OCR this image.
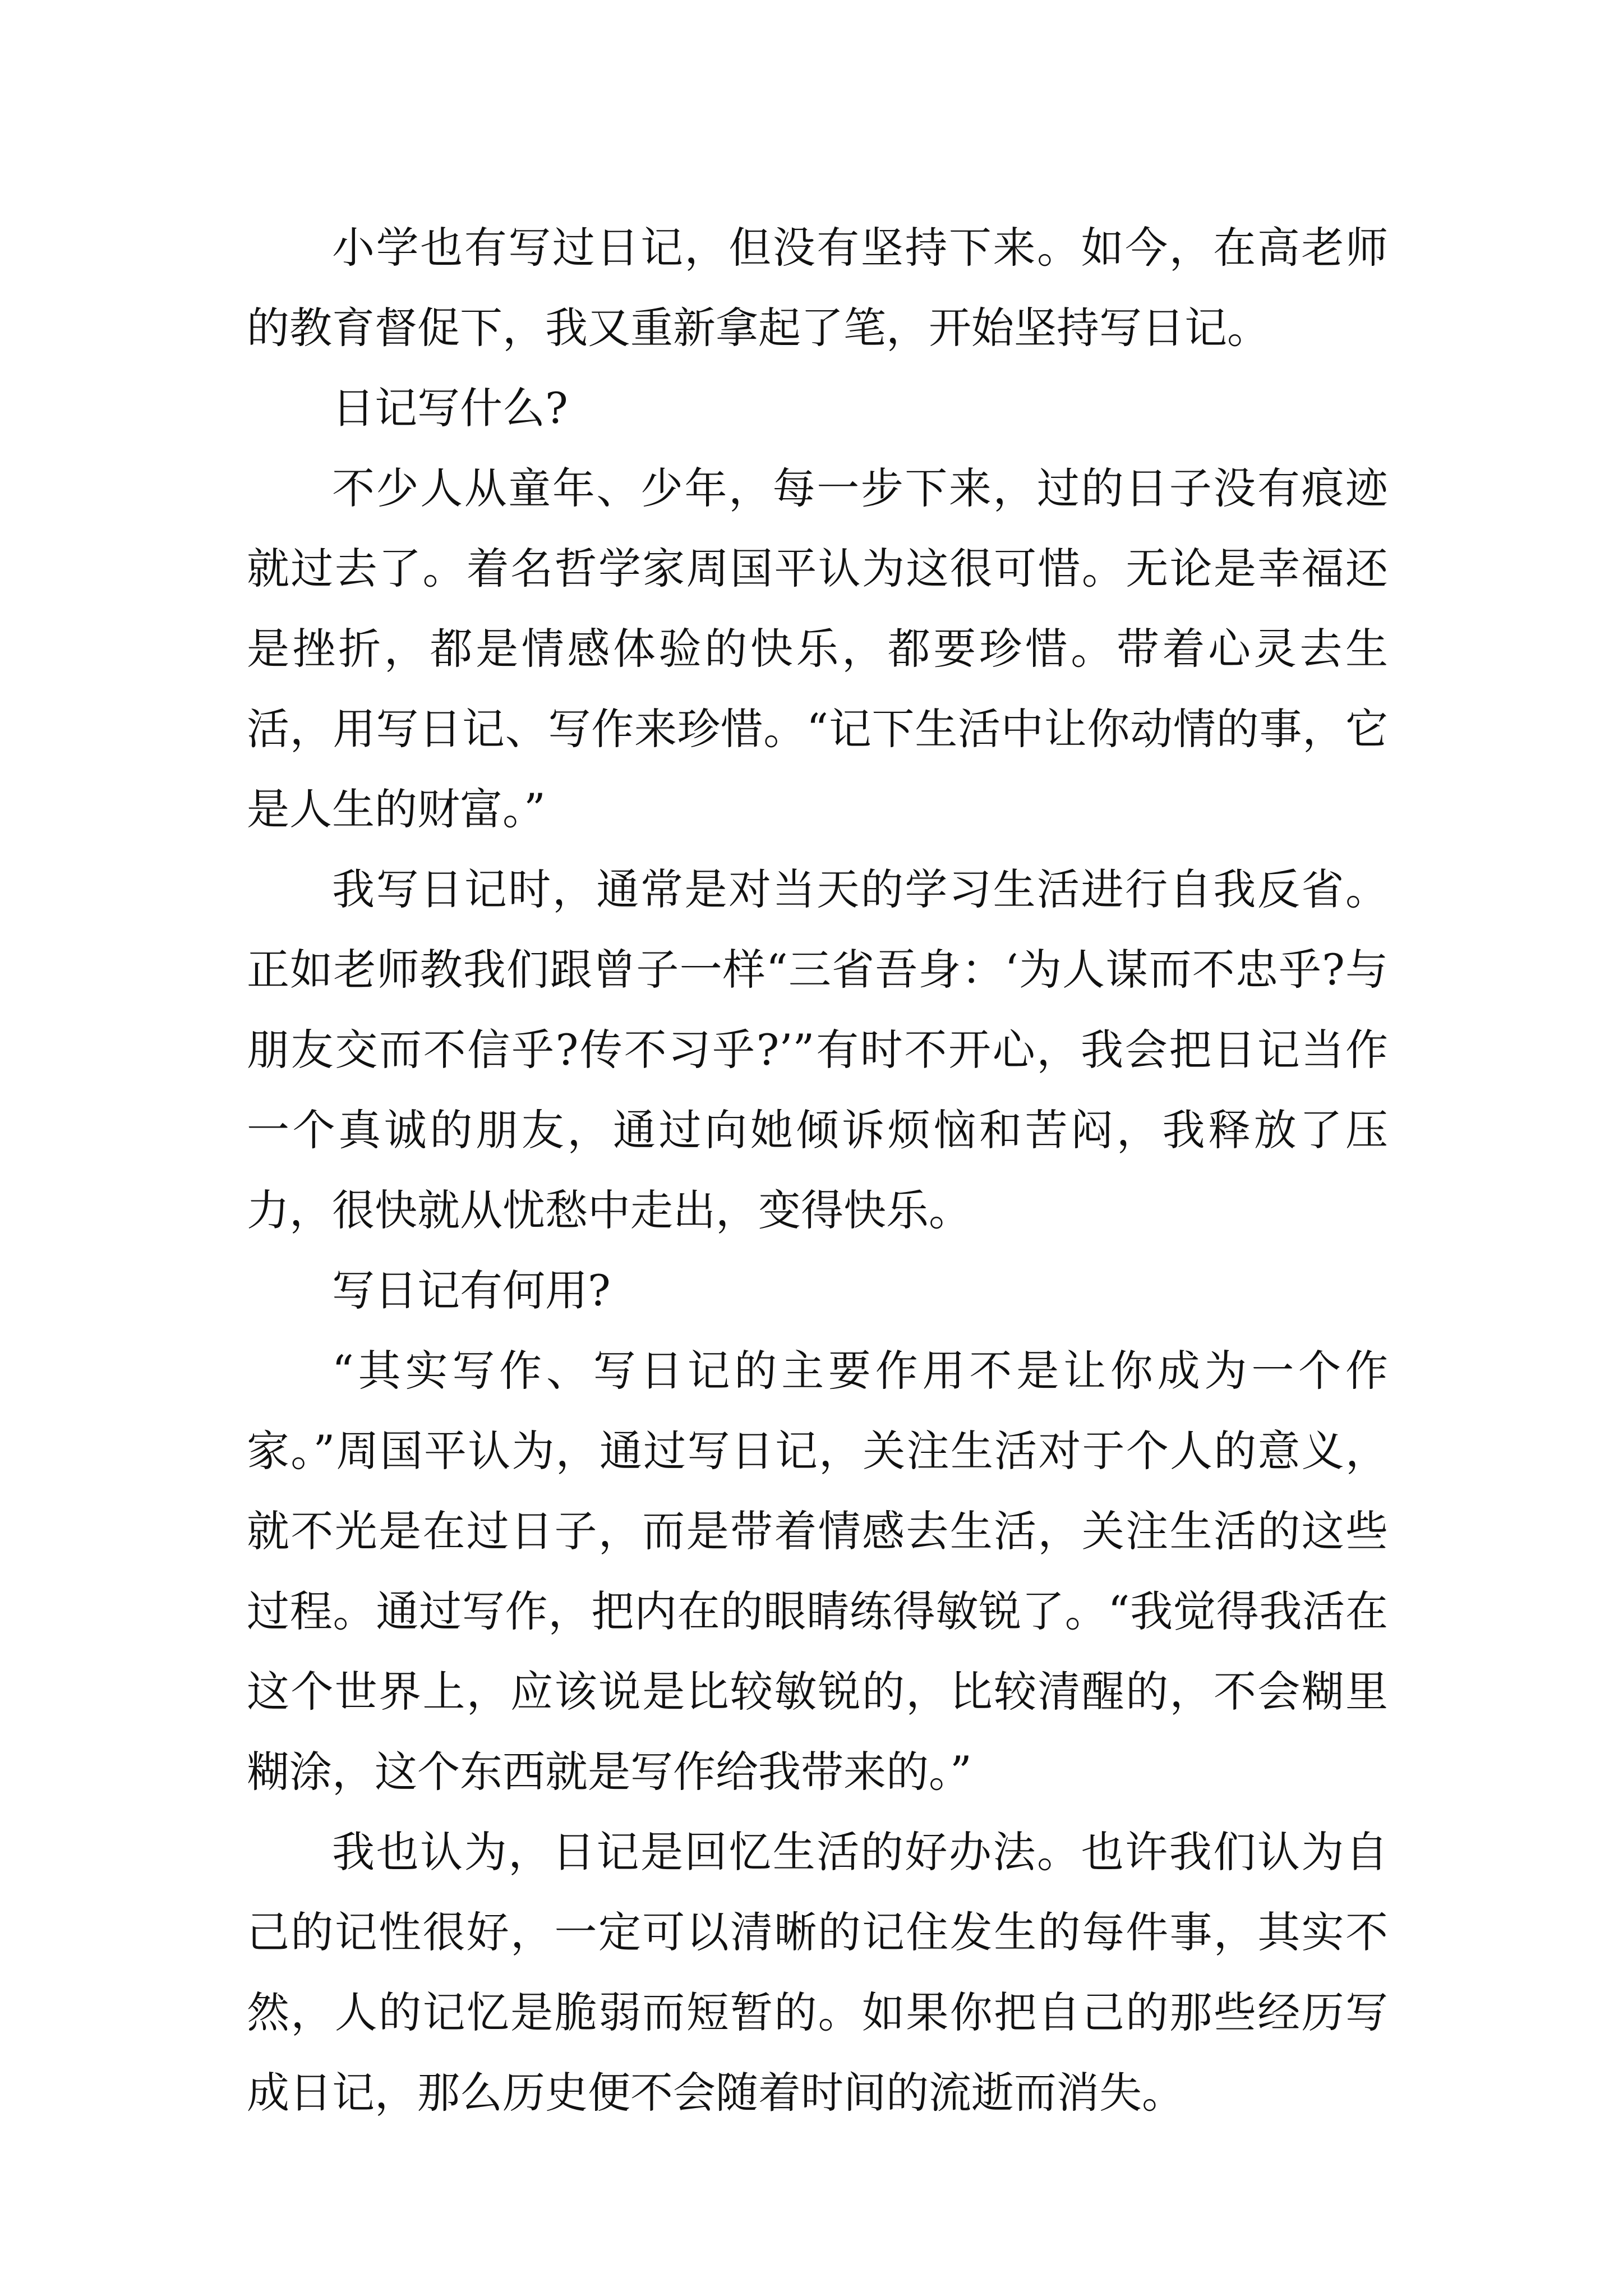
小学也有写过日记，但没有坚持下来。如今，在高老师的教育督促下，我又重新拿起了笔，开始坚持写日记。

日记写什么?

不少人从童年、少年，每一步下来，过的日子没有痕迹就过去了。着名哲学家周国平认为这很可惜。无论是幸福还是挫折，都是情感体验的快乐，都要珍惜。带着心灵去生活，用写日记、写作来珍惜。“记下生活中让你动情的事，它是人生的财富。”

我写日记时，通常是对当天的学习生活进行自我反省。正如老师教我们跟曾子一样“三省吾身：‘为人谋而不忠乎?与朋友交而不信乎?传不习乎?’”有时不开心，我会把日记当作一个真诚的朋友，通过向她倾诉烦恼和苦闷，我释放了压力，很快就从忧愁中走出，变得快乐。

写日记有何用?

“其实写作、写日记的主要作用不是让你成为一个作家。”周国平认为，通过写日记，关注生活对于个人的意义，就不光是在过日子，而是带着情感去生活，关注生活的这些过程。通过写作，把内在的眼睛练得敏锐了。“我觉得我活在这个世界上，应该说是比较敏锐的，比较清醒的，不会糊里糊涂，这个东西就是写作给我带来的。”

我也认为，日记是回忆生活的好办法。也许我们认为自己的记性很好，一定可以清晰的记住发生的每件事，其实不然，人的记忆是脆弱而短暂的。如果你把自己的那些经历写成日记，那么历史便不会随着时间的流逝而消失。
